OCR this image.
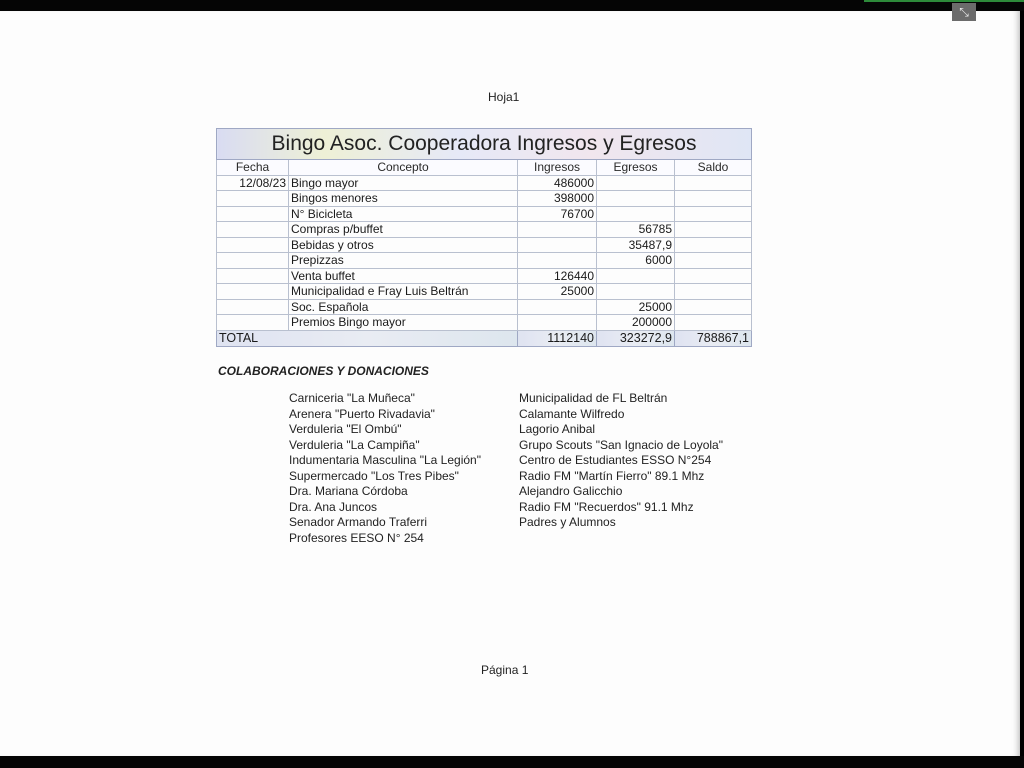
Hoja1
Bingo Asoc. Cooperadora Ingresos y Egresos				
Fecha	Concepto	Ingresos	Egresos	Saldo
12/08/23	Bingo mayor	486000		
	Bingos menores	398000		
	N° Bicicleta	76700		
	Compras p/buffet		56785	
	Bebidas y otros		35487,9	
	Prepizzas		6000	
	Venta buffet	126440		
	Municipalidad e Fray Luis Beltrán	25000		
	Soc. Española		25000	
	Premios Bingo mayor		200000	
TOTAL		1112140	323272,9	788867,1
COLABORACIONES Y DONACIONES
Carniceria "La Muñeca"
Arenera "Puerto Rivadavia"
Verduleria "El Ombú"
Verduleria "La Campiña"
Indumentaria Masculina "La Legión"
Supermercado "Los Tres Pibes"
Dra. Mariana Córdoba
Dra. Ana Juncos
Senador Armando Traferri
Profesores EESO N° 254
Municipalidad de FL Beltrán
Calamante Wilfredo
Lagorio Anibal
Grupo Scouts "San Ignacio de Loyola"
Centro de Estudiantes ESSO N°254
Radio FM "Martín Fierro" 89.1 Mhz
Alejandro Galicchio
Radio FM "Recuerdos" 91.1 Mhz
Padres y Alumnos
Página 1
⤡
